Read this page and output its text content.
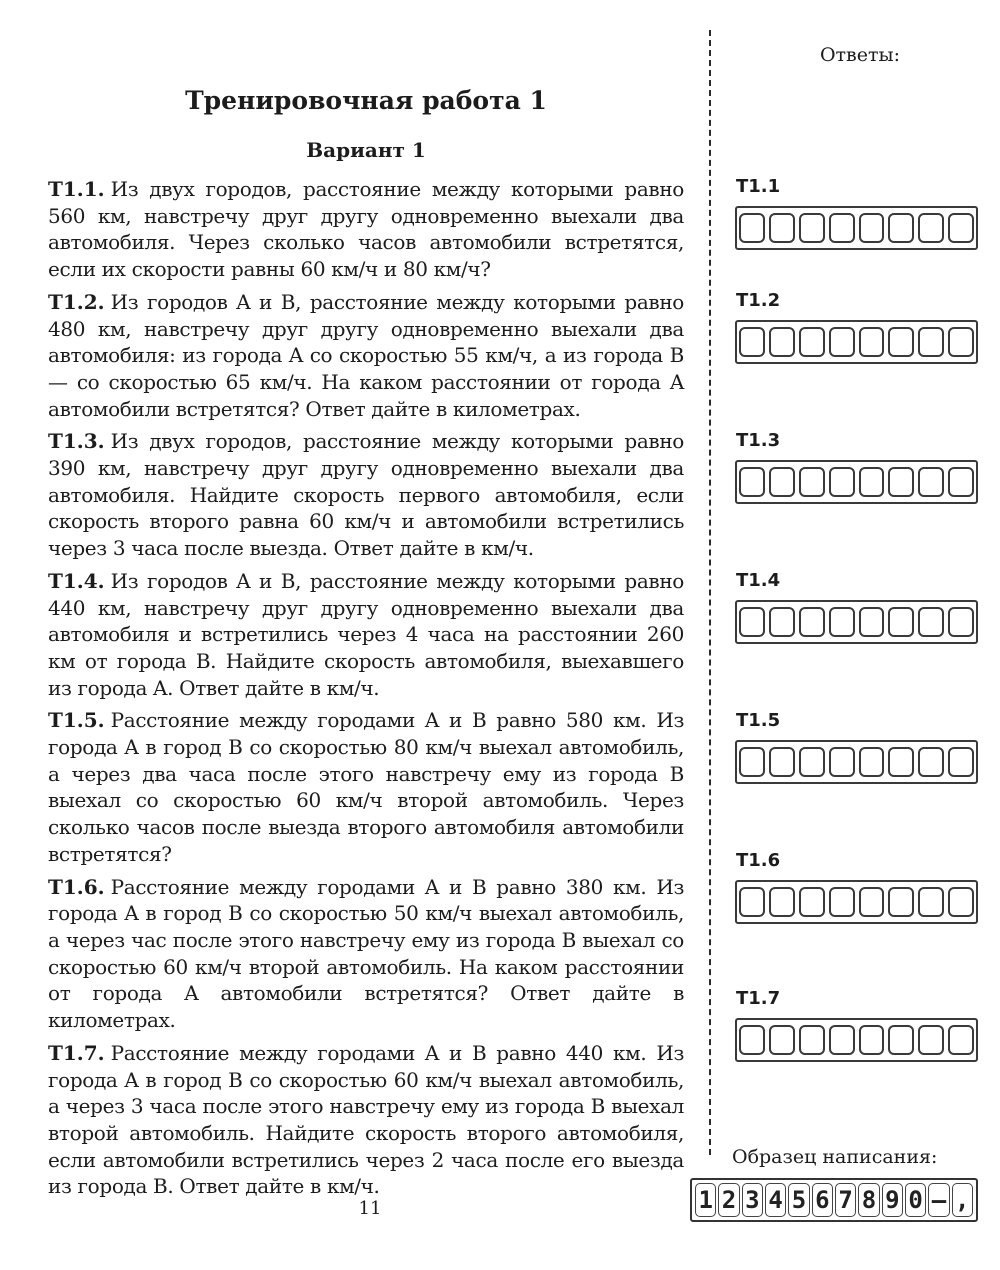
Тренировочная работа 1
Вариант 1

T1.1. Из двух городов, расстояние между которыми равно 560 км, навстречу друг другу одновременно выехали два автомобиля. Через сколько часов автомобили встретятся, если их скорости равны 60 км/ч и 80 км/ч?

T1.2. Из городов A и B, расстояние между которыми равно 480 км, навстречу друг другу одновременно выехали два автомобиля: из города A со скоростью 55 км/ч, а из города B — со скоростью 65 км/ч. На каком расстоянии от города A автомобили встретятся? Ответ дайте в километрах.

T1.3. Из двух городов, расстояние между которыми равно 390 км, навстречу друг другу одновременно выехали два автомобиля. Найдите скорость первого автомобиля, если скорость второго равна 60 км/ч и автомобили встретились через 3 часа после выезда. Ответ дайте в км/ч.

T1.4. Из городов A и B, расстояние между которыми равно 440 км, навстречу друг другу одновременно выехали два автомобиля и встретились через 4 часа на расстоянии 260 км от города B. Найдите скорость автомобиля, выехавшего из города A. Ответ дайте в км/ч.

T1.5. Расстояние между городами A и B равно 580 км. Из города A в город B со скоростью 80 км/ч выехал автомобиль, а через два часа после этого навстречу ему из города B выехал со скоростью 60 км/ч второй автомобиль. Через сколько часов после выезда второго автомобиля автомобили встретятся?

T1.6. Расстояние между городами A и B равно 380 км. Из города A в город B со скоростью 50 км/ч выехал автомобиль, а через час после этого навстречу ему из города B выехал со скоростью 60 км/ч второй автомобиль. На каком расстоянии от города A автомобили встретятся? Ответ дайте в километрах.

T1.7. Расстояние между городами A и B равно 440 км. Из города A в город B со скоростью 60 км/ч выехал автомобиль, а через 3 часа после этого навстречу ему из города B выехал второй автомобиль. Найдите скорость второго автомобиля, если автомобили встретились через 2 часа после его выезда из города B. Ответ дайте в км/ч.

11
Ответы:
T1.1
T1.2
T1.3
T1.4
T1.5
T1.6
T1.7
Образец написания:
1 2 3 4 5 6 7 8 9 0 – ,
